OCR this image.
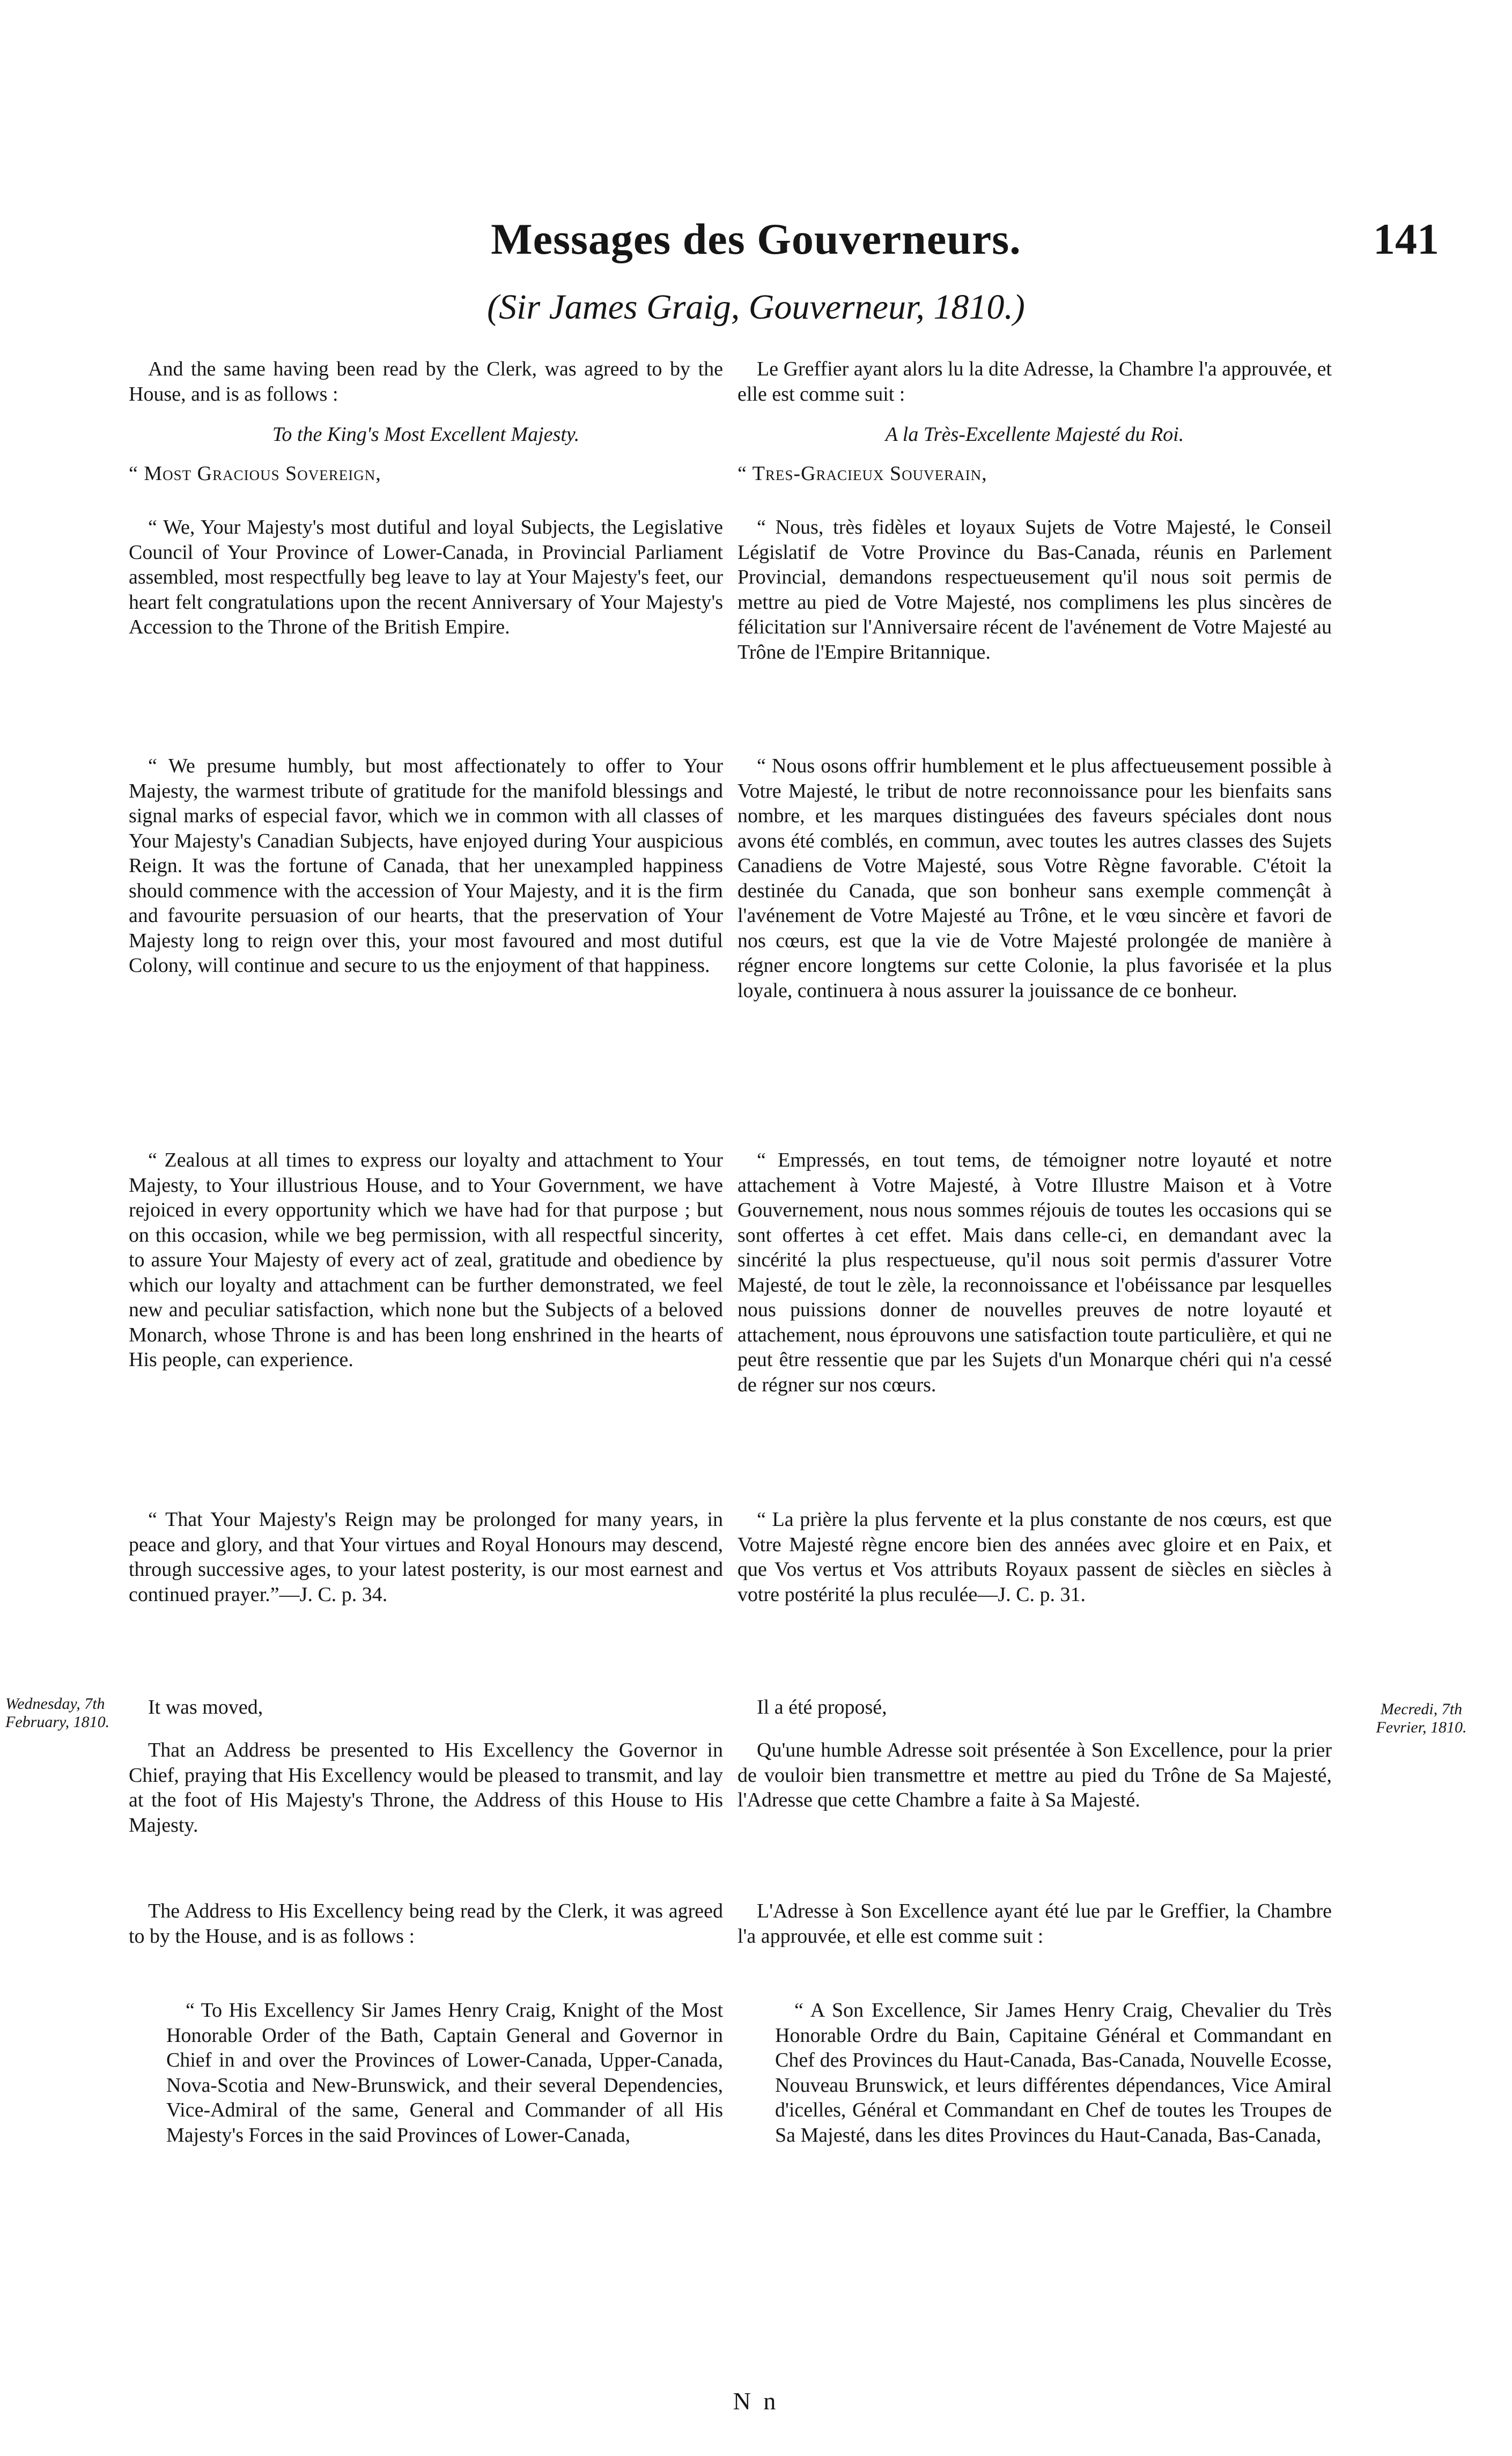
Messages des Gouverneurs.	141
(Sir James Graig, Gouverneur, 1810.)
And the same having been read by the Clerk, was agreed to by the House, and is as follows :
To the King's Most Excellent Majesty.
“ Most Gracious Sovereign,
“ We, Your Majesty's most dutiful and loyal Subjects, the Legislative Council of Your Province of Lower-Canada, in Provincial Parliament assembled, most respectfully beg leave to lay at Your Majesty's feet, our heart felt congratulations upon the recent Anniversary of Your Majesty's Accession to the Throne of the British Empire.
“ We presume humbly, but most affectionately to offer to Your Majesty, the warmest tribute of gratitude for the manifold blessings and signal marks of especial favor, which we in common with all classes of Your Majesty's Canadian Subjects, have enjoyed during Your auspicious Reign. It was the fortune of Canada, that her unexampled happiness should commence with the accession of Your Majesty, and it is the firm and favourite persuasion of our hearts, that the preservation of Your Majesty long to reign over this, your most favoured and most dutiful Colony, will continue and secure to us the enjoyment of that happiness.
“ Zealous at all times to express our loyalty and attachment to Your Majesty, to Your illustrious House, and to Your Government, we have rejoiced in every opportunity which we have had for that purpose ; but on this occasion, while we beg permission, with all respectful sincerity, to assure Your Majesty of every act of zeal, gratitude and obedience by which our loyalty and attachment can be further demonstrated, we feel new and peculiar satisfaction, which none but the Subjects of a beloved Monarch, whose Throne is and has been long enshrined in the hearts of His people, can experience.
“ That Your Majesty's Reign may be prolonged for many years, in peace and glory, and that Your virtues and Royal Honours may descend, through successive ages, to your latest posterity, is our most earnest and continued prayer.”—J. C. p. 34.
It was moved,
That an Address be presented to His Excellency the Governor in Chief, praying that His Excellency would be pleased to transmit, and lay at the foot of His Majesty's Throne, the Address of this House to His Majesty.
The Address to His Excellency being read by the Clerk, it was agreed to by the House, and is as follows :
“ To His Excellency Sir James Henry Craig, Knight of the Most Honorable Order of the Bath, Captain General and Governor in Chief in and over the Provinces of Lower-Canada, Upper-Canada, Nova-Scotia and New-Brunswick, and their several Dependencies, Vice-Admiral of the same, General and Commander of all His Majesty's Forces in the said Provinces of Lower-Canada,
Le Greffier ayant alors lu la dite Adresse, la Chambre l'a approuvée, et elle est comme suit :
A la Très-Excellente Majesté du Roi.
“ Tres-Gracieux Souverain,
“ Nous, très fidèles et loyaux Sujets de Votre Majesté, le Conseil Législatif de Votre Province du Bas-Canada, réunis en Parlement Provincial, demandons respectueusement qu'il nous soit permis de mettre au pied de Votre Majesté, nos complimens les plus sincères de félicitation sur l'Anniversaire récent de l'avénement de Votre Majesté au Trône de l'Empire Britannique.
“ Nous osons offrir humblement et le plus affectueusement possible à Votre Majesté, le tribut de notre reconnoissance pour les bienfaits sans nombre, et les marques distinguées des faveurs spéciales dont nous avons été comblés, en commun, avec toutes les autres classes des Sujets Canadiens de Votre Majesté, sous Votre Règne favorable. C'étoit la destinée du Canada, que son bonheur sans exemple commençât à l'avénement de Votre Majesté au Trône, et le vœu sincère et favori de nos cœurs, est que la vie de Votre Majesté prolongée de manière à régner encore longtems sur cette Colonie, la plus favorisée et la plus loyale, continuera à nous assurer la jouissance de ce bonheur.
“ Empressés, en tout tems, de témoigner notre loyauté et notre attachement à Votre Majesté, à Votre Illustre Maison et à Votre Gouvernement, nous nous sommes réjouis de toutes les occasions qui se sont offertes à cet effet. Mais dans celle-ci, en demandant avec la sincérité la plus respectueuse, qu'il nous soit permis d'assurer Votre Majesté, de tout le zèle, la reconnoissance et l'obéissance par lesquelles nous puissions donner de nouvelles preuves de notre loyauté et attachement, nous éprouvons une satisfaction toute particulière, et qui ne peut être ressentie que par les Sujets d'un Monarque chéri qui n'a cessé de régner sur nos cœurs.
“ La prière la plus fervente et la plus constante de nos cœurs, est que Votre Majesté règne encore bien des années avec gloire et en Paix, et que Vos vertus et Vos attributs Royaux passent de siècles en siècles à votre postérité la plus reculée—J. C. p. 31.
Il a été proposé,
Qu'une humble Adresse soit présentée à Son Excellence, pour la prier de vouloir bien transmettre et mettre au pied du Trône de Sa Majesté, l'Adresse que cette Chambre a faite à Sa Majesté.
L'Adresse à Son Excellence ayant été lue par le Greffier, la Chambre l'a approuvée, et elle est comme suit :
“ A Son Excellence, Sir James Henry Craig, Chevalier du Très Honorable Ordre du Bain, Capitaine Général et Commandant en Chef des Provinces du Haut-Canada, Bas-Canada, Nouvelle Ecosse, Nouveau Brunswick, et leurs différentes dépendances, Vice Amiral d'icelles, Général et Commandant en Chef de toutes les Troupes de Sa Majesté, dans les dites Provinces du Haut-Canada, Bas-Canada,
Wednesday, 7th February, 1810.
Mecredi, 7th Fevrier, 1810.
N n
